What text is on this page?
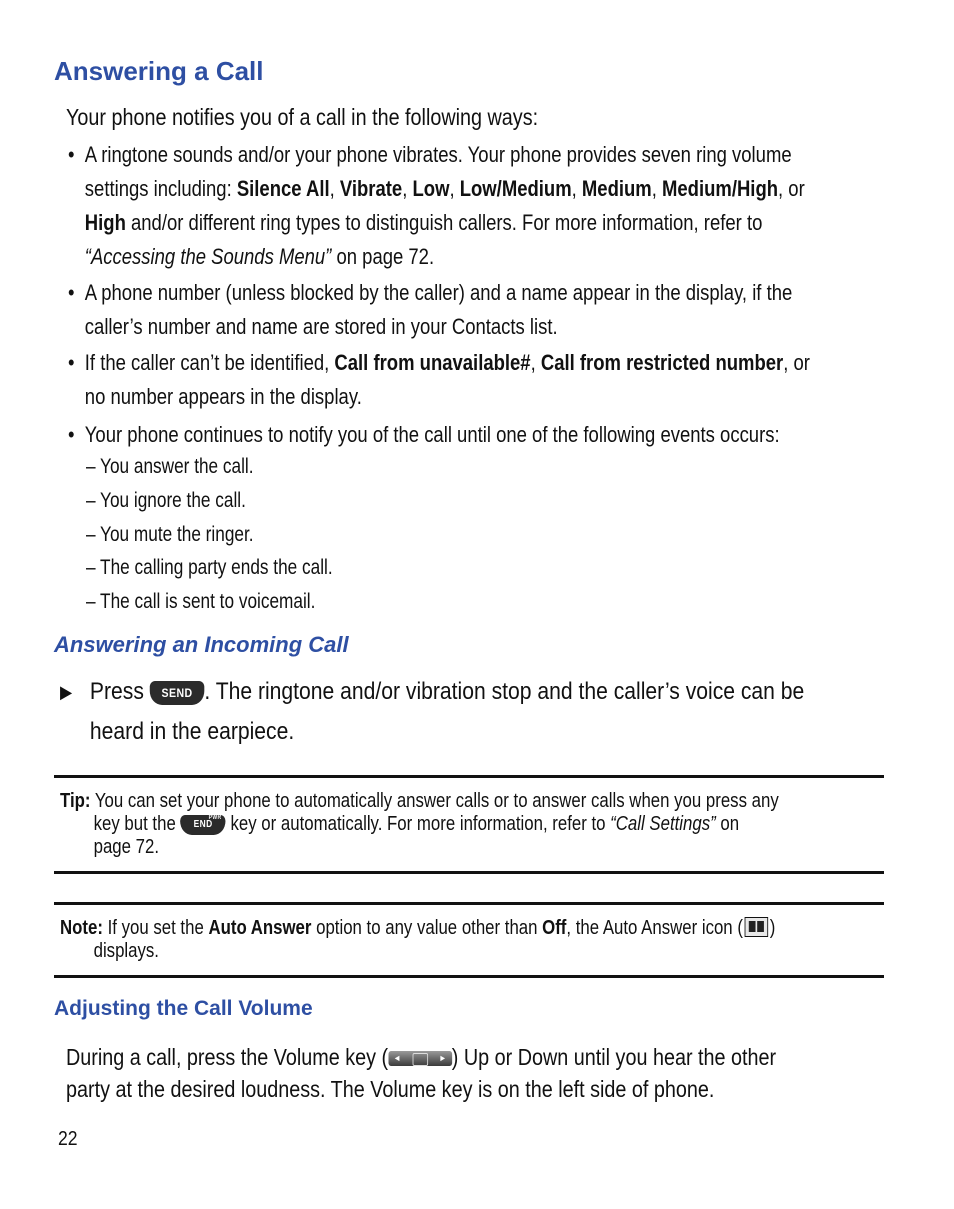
Answering a Call
Your phone notifies you of a call in the following ways:
• A ringtone sounds and/or your phone vibrates. Your phone provides seven ring volume settings including: Silence All, Vibrate, Low, Low/Medium, Medium, Medium/High, or High and/or different ring types to distinguish callers. For more information, refer to “Accessing the Sounds Menu” on page 72.
• A phone number (unless blocked by the caller) and a name appear in the display, if the caller’s number and name are stored in your Contacts list.
• If the caller can’t be identified, Call from unavailable#, Call from restricted number, or no number appears in the display.
• Your phone continues to notify you of the call until one of the following events occurs:
– You answer the call.
– You ignore the call.
– You mute the ringer.
– The calling party ends the call.
– The call is sent to voicemail.
Answering an Incoming Call
▶ Press SEND . The ringtone and/or vibration stop and the caller’s voice can be heard in the earpiece.
Tip: You can set your phone to automatically answer calls or to answer calls when you press any
key but the END
PWR key or automatically. For more information, refer to “Call Settings” on
page 72.
Note: If you set the Auto Answer option to any value other than Off, the Auto Answer icon ( )
displays.
Adjusting the Call Volume
During a call, press the Volume key ( ◄	► ) Up or Down until you hear the other
party at the desired loudness. The Volume key is on the left side of phone.
22
